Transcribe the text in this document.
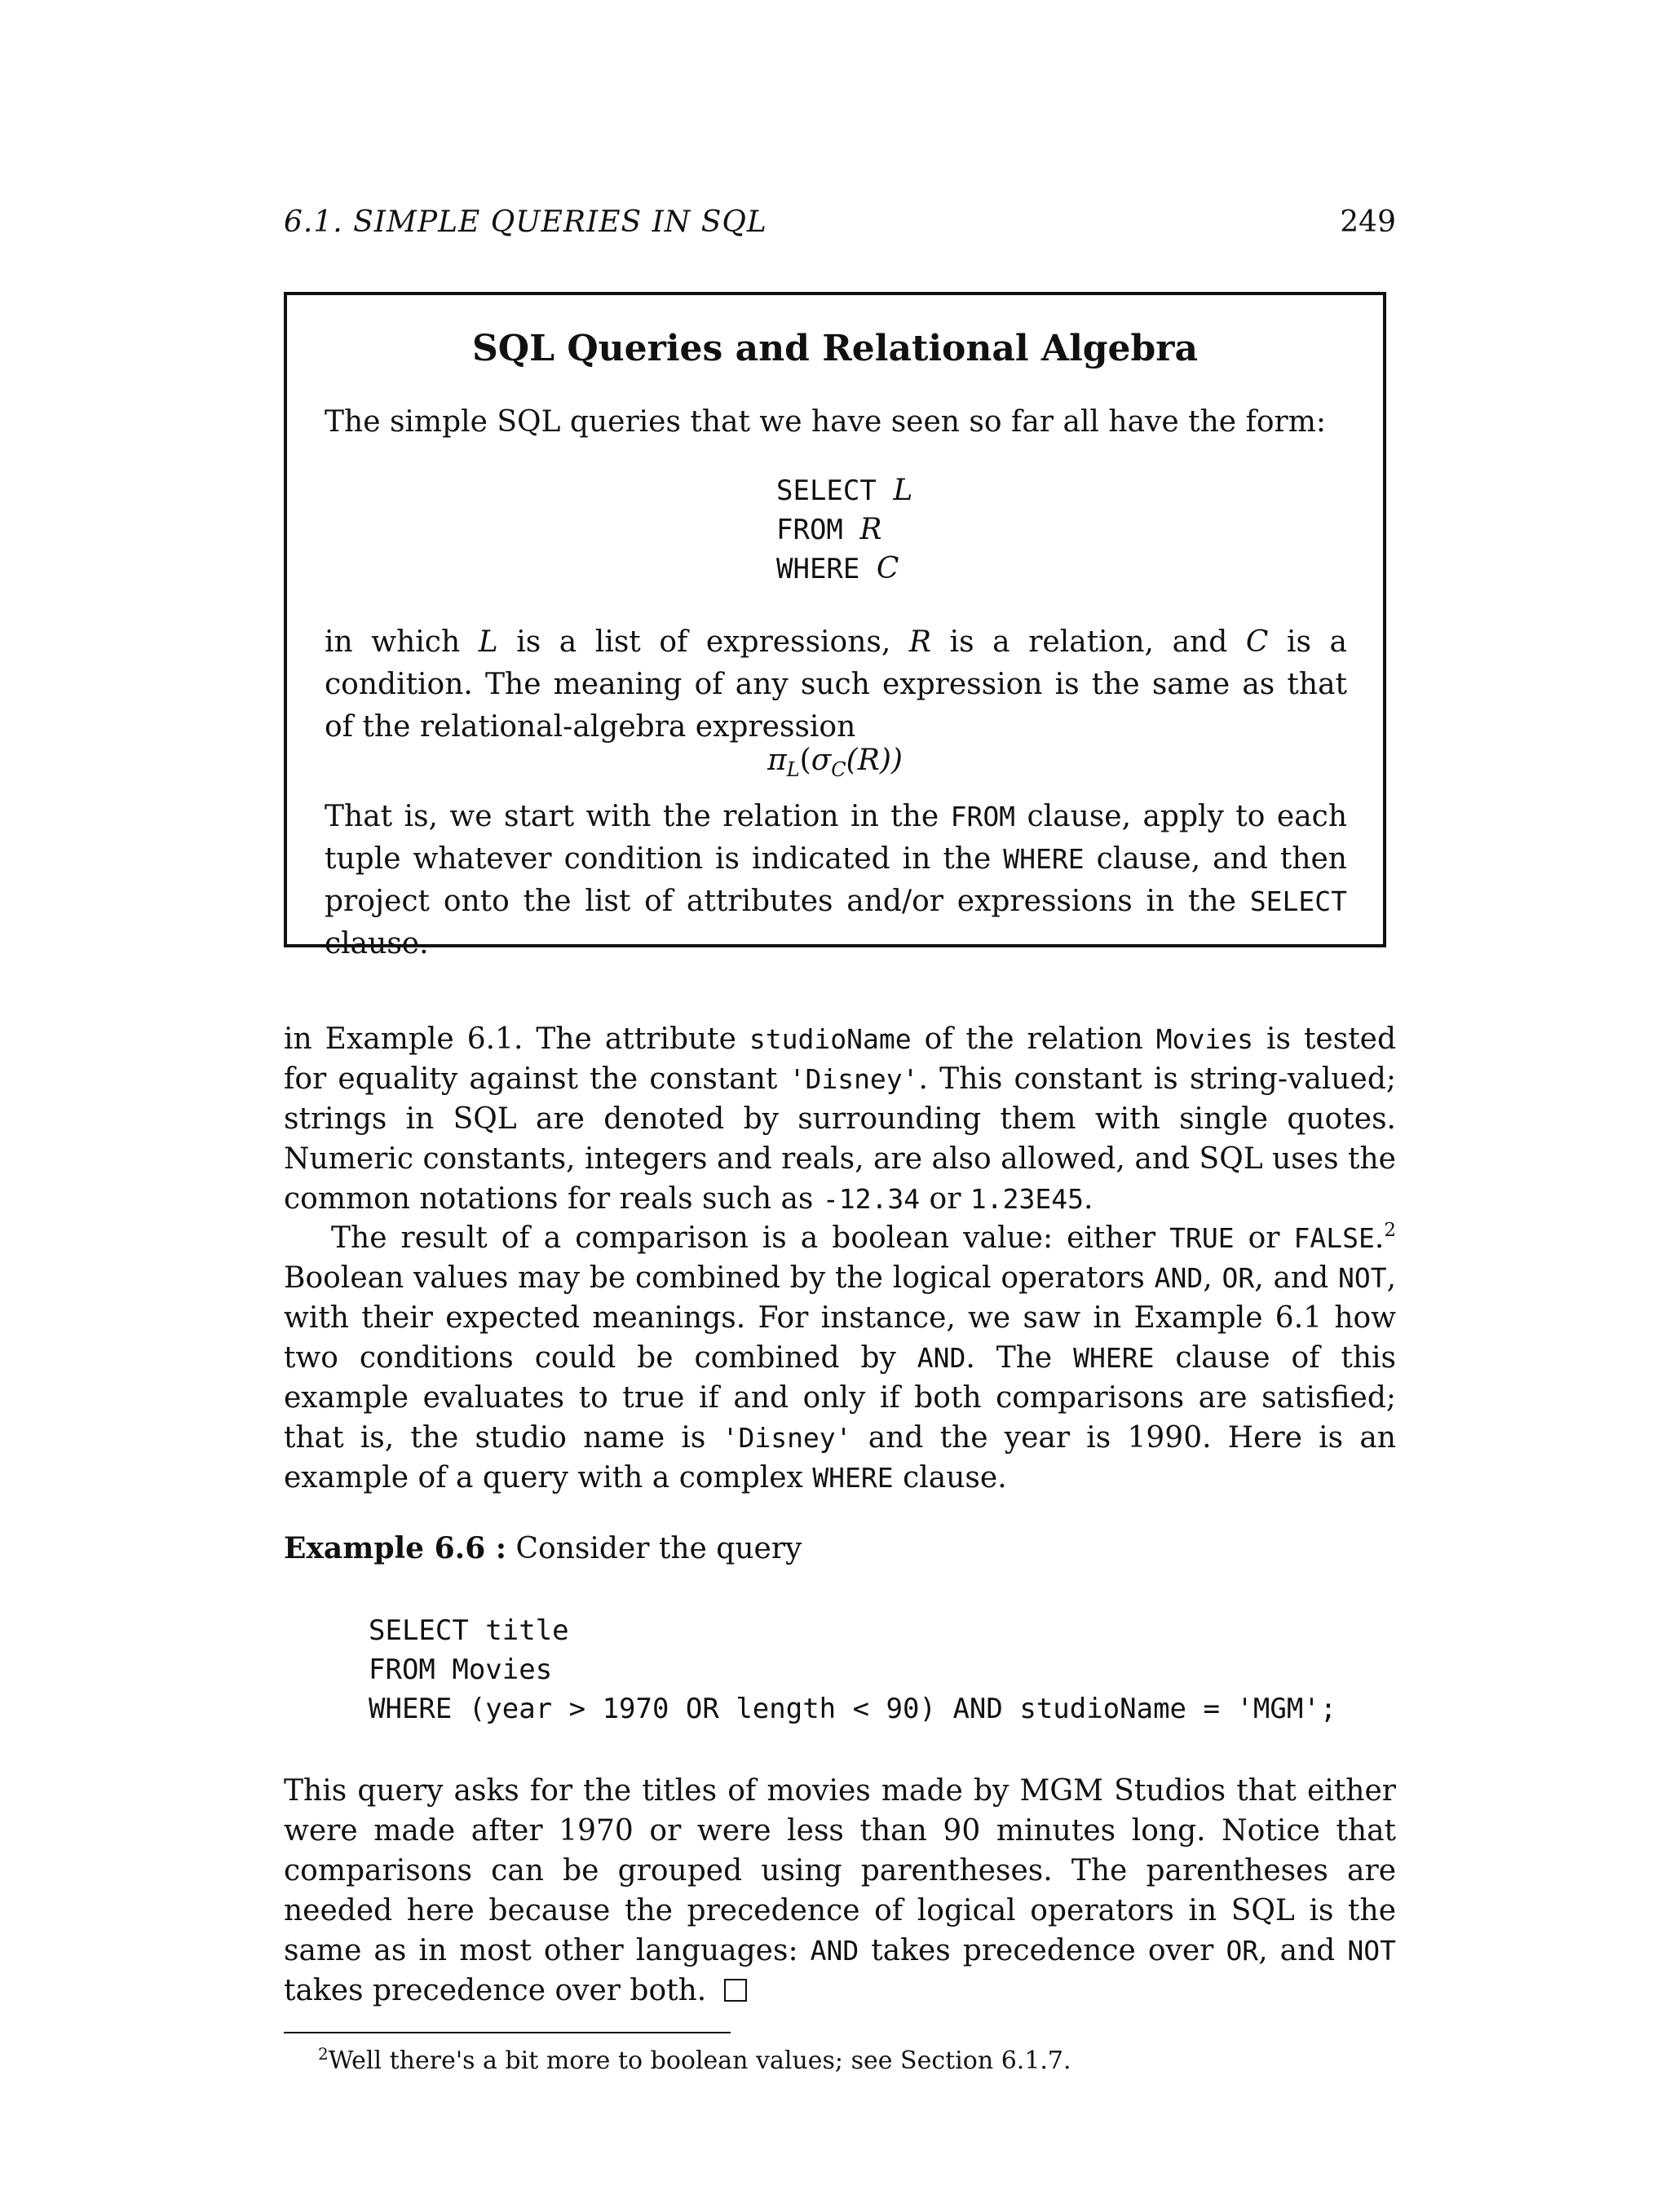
6.1. SIMPLE QUERIES IN SQL	249
SQL Queries and Relational Algebra
The simple SQL queries that we have seen so far all have the form:
SELECT L
FROM R
WHERE C
in which L is a list of expressions, R is a relation, and C is a condition. The meaning of any such expression is the same as that of the relational-algebra expression
$\pi_L(\sigma_C(R))$
That is, we start with the relation in the FROM clause, apply to each tuple whatever condition is indicated in the WHERE clause, and then project onto the list of attributes and/or expressions in the SELECT clause.
in Example 6.1. The attribute studioName of the relation Movies is tested for equality against the constant 'Disney'. This constant is string-valued; strings in SQL are denoted by surrounding them with single quotes. Numeric constants, integers and reals, are also allowed, and SQL uses the common notations for reals such as -12.34 or 1.23E45.
The result of a comparison is a boolean value: either TRUE or FALSE.$^2$ Boolean values may be combined by the logical operators AND, OR, and NOT, with their expected meanings. For instance, we saw in Example 6.1 how two conditions could be combined by AND. The WHERE clause of this example evaluates to true if and only if both comparisons are satisfied; that is, the studio name is 'Disney' and the year is 1990. Here is an example of a query with a complex WHERE clause.
Example 6.6 : Consider the query
SELECT title
FROM Movies
WHERE (year > 1970 OR length < 90) AND studioName = 'MGM';
This query asks for the titles of movies made by MGM Studios that either were made after 1970 or were less than 90 minutes long. Notice that comparisons can be grouped using parentheses. The parentheses are needed here because the precedence of logical operators in SQL is the same as in most other languages: AND takes precedence over OR, and NOT takes precedence over both.
$^2$Well there's a bit more to boolean values; see Section 6.1.7.
